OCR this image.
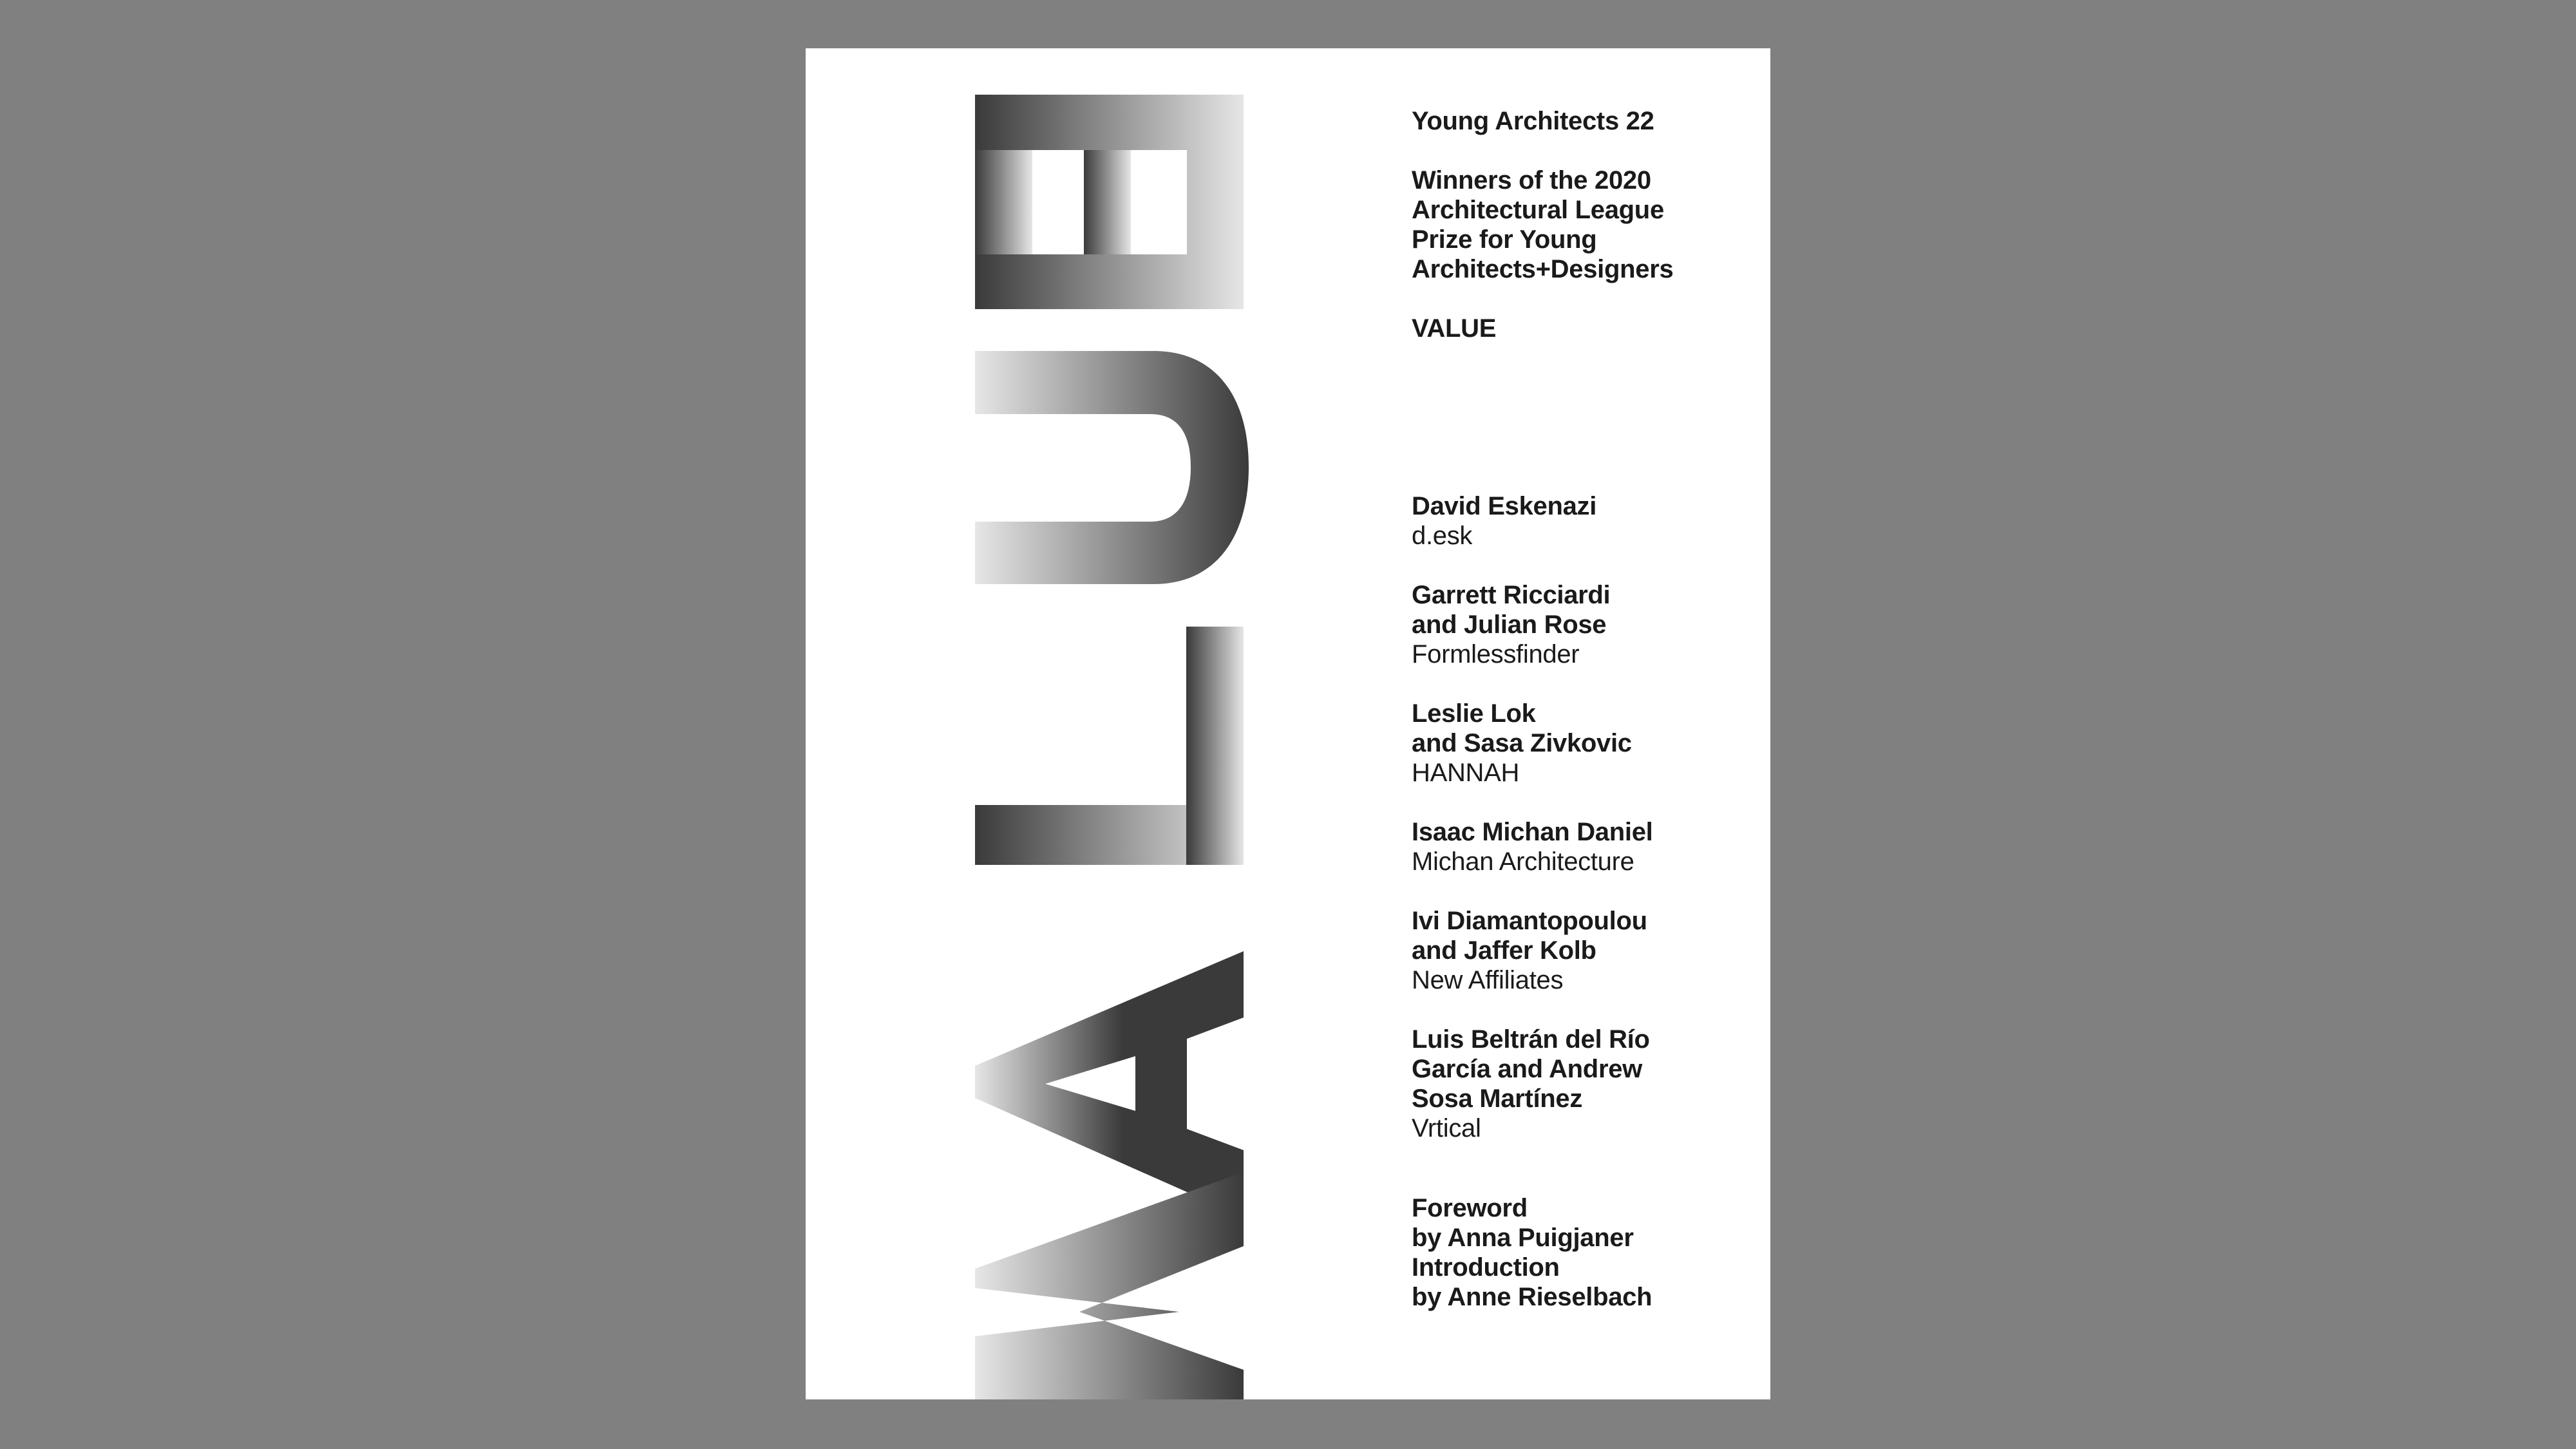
Young Architects 22
Winners of the 2020
Architectural League
Prize for Young
Architects+Designers
VALUE
David Eskenazi
d.esk
Garrett Ricciardi
and Julian Rose
Formlessfinder
Leslie Lok
and Sasa Zivkovic
HANNAH
Isaac Michan Daniel
Michan Architecture
Ivi Diamantopoulou
and Jaffer Kolb
New Affiliates
Luis Beltrán del Río
García and Andrew
Sosa Martínez
Vrtical
Foreword
by Anna Puigjaner
Introduction
by Anne Rieselbach
